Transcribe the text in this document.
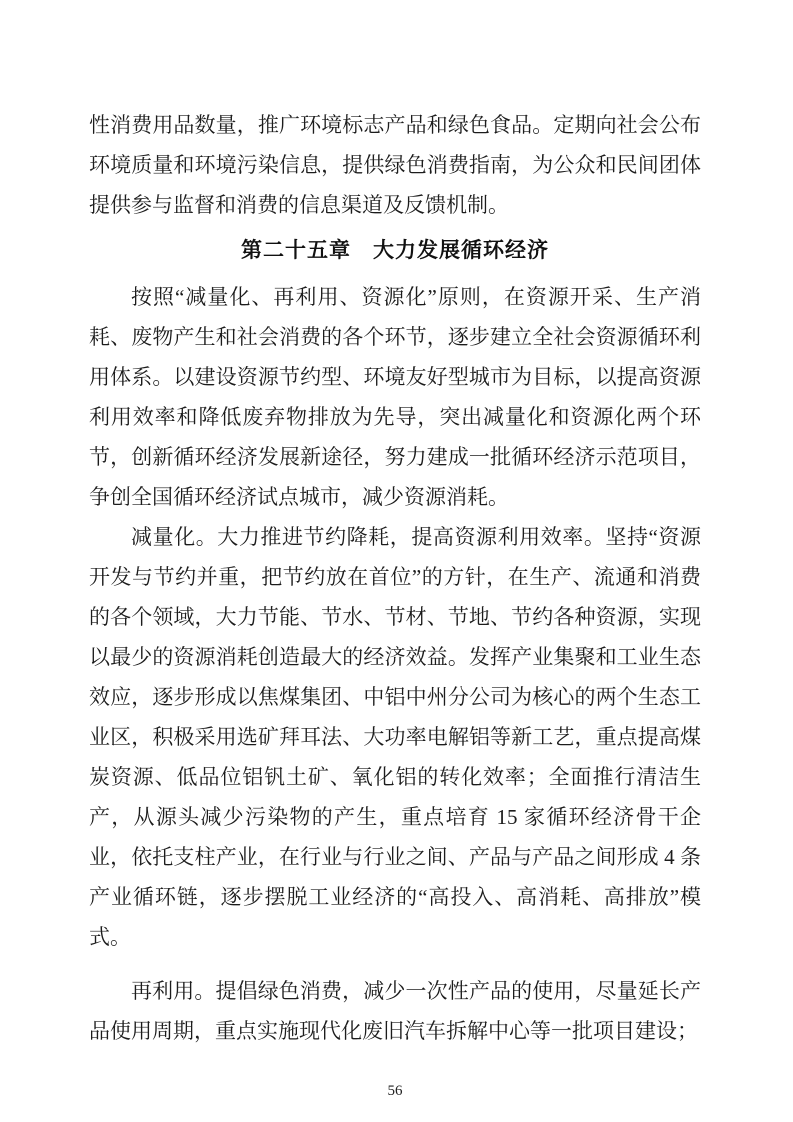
性消费用品数量，推广环境标志产品和绿色食品。定期向社会公布环境质量和环境污染信息，提供绿色消费指南，为公众和民间团体提供参与监督和消费的信息渠道及反馈机制。

第二十五章　大力发展循环经济

按照“减量化、再利用、资源化”原则，在资源开采、生产消耗、废物产生和社会消费的各个环节，逐步建立全社会资源循环利用体系。以建设资源节约型、环境友好型城市为目标，以提高资源利用效率和降低废弃物排放为先导，突出减量化和资源化两个环节，创新循环经济发展新途径，努力建成一批循环经济示范项目，争创全国循环经济试点城市，减少资源消耗。

减量化。大力推进节约降耗，提高资源利用效率。坚持“资源开发与节约并重，把节约放在首位”的方针，在生产、流通和消费的各个领域，大力节能、节水、节材、节地、节约各种资源，实现以最少的资源消耗创造最大的经济效益。发挥产业集聚和工业生态效应，逐步形成以焦煤集团、中铝中州分公司为核心的两个生态工业区，积极采用选矿拜耳法、大功率电解铝等新工艺，重点提高煤炭资源、低品位铝钒土矿、氧化铝的转化效率；全面推行清洁生产，从源头减少污染物的产生，重点培育 15 家循环经济骨干企业，依托支柱产业，在行业与行业之间、产品与产品之间形成 4 条产业循环链，逐步摆脱工业经济的“高投入、高消耗、高排放”模式。

再利用。提倡绿色消费，减少一次性产品的使用，尽量延长产品使用周期，重点实施现代化废旧汽车拆解中心等一批项目建设；

56
